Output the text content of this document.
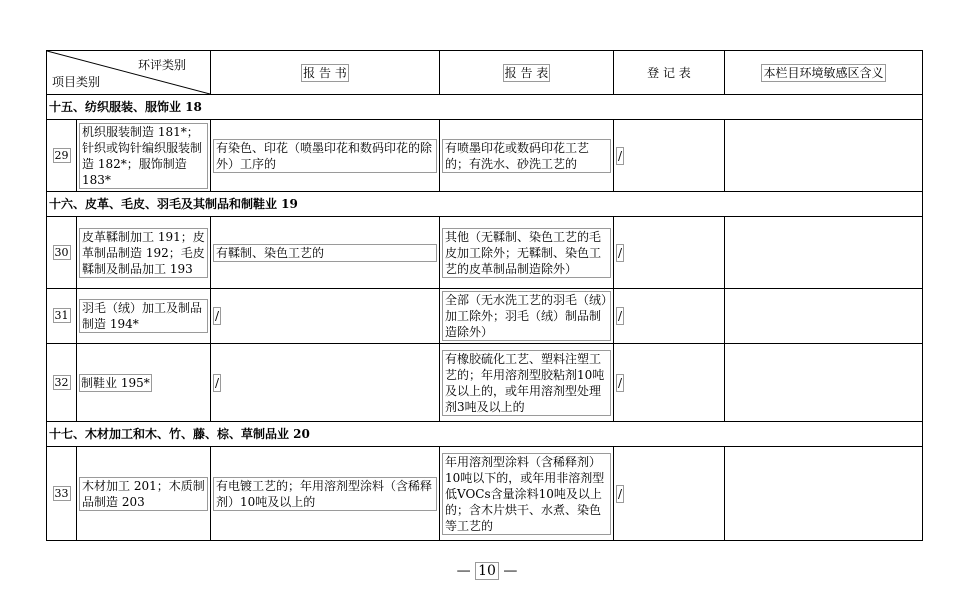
环评类别
项目类别		报 告 书	报 告 表	登 记 表	本栏目环境敏感区含义
十五、纺织服装、服饰业 18					
29	机织服装制造 181*；针织或钩针编织服装制造 182*；服饰制造 183*	有染色、印花（喷墨印花和数码印花的除外）工序的	有喷墨印花或数码印花工艺的；有洗水、砂洗工艺的	/	
十六、皮革、毛皮、羽毛及其制品和制鞋业 19					
30	皮革鞣制加工 191；皮革制品制造 192；毛皮鞣制及制品加工 193	有鞣制、染色工艺的	其他（无鞣制、染色工艺的毛皮加工除外；无鞣制、染色工艺的皮革制品制造除外）	/	
31	羽毛（绒）加工及制品制造 194*	/	全部（无水洗工艺的羽毛（绒）加工除外；羽毛（绒）制品制造除外）	/	
32	制鞋业 195*	/	有橡胶硫化工艺、塑料注塑工艺的；年用溶剂型胶粘剂10吨及以上的，或年用溶剂型处理剂3吨及以上的	/	
十七、木材加工和木、竹、藤、棕、草制品业 20					
33	木材加工 201；木质制品制造 203	有电镀工艺的；年用溶剂型涂料（含稀释剂）10吨及以上的	年用溶剂型涂料（含稀释剂）10吨以下的，或年用非溶剂型低VOCs含量涂料10吨及以上的；含木片烘干、水煮、染色等工艺的	/	
— 10 —
